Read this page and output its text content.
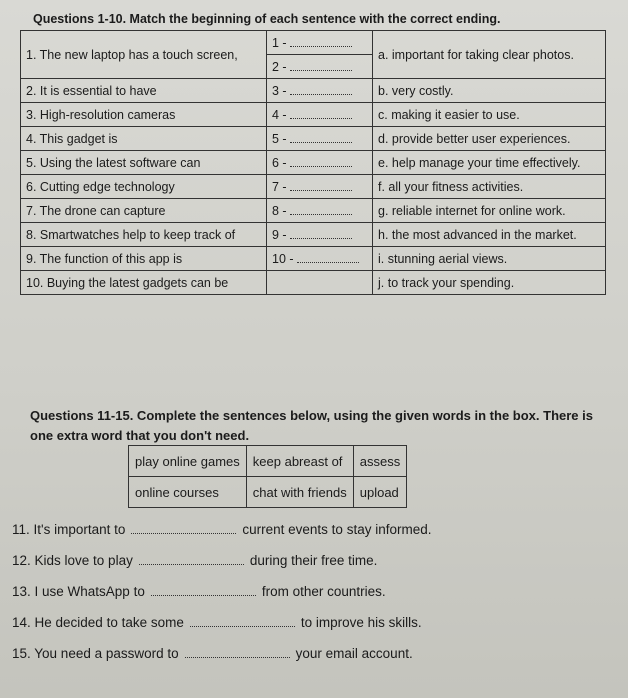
Questions 1-10. Match the beginning of each sentence with the correct ending.
1. The new laptop has a touch screen,	1 -	a. important for taking clear photos.
	2 -	
2. It is essential to have	3 -	b. very costly.
3. High-resolution cameras	4 -	c. making it easier to use.
4. This gadget is	5 -	d. provide better user experiences.
5. Using the latest software can	6 -	e. help manage your time effectively.
6. Cutting edge technology	7 -	f. all your fitness activities.
7. The drone can capture	8 -	g. reliable internet for online work.
8. Smartwatches help to keep track of	9 -	h. the most advanced in the market.
9. The function of this app is	10 -	i. stunning aerial views.
10. Buying the latest gadgets can be		j. to track your spending.
Questions 11-15. Complete the sentences below, using the given words in the box. There is
one extra word that you don't need.
play online games	keep abreast of	assess
online courses	chat with friends	upload
11. It's important to	current events to stay informed.
12. Kids love to play	during their free time.
13. I use WhatsApp to	from other countries.
14. He decided to take some	to improve his skills.
15. You need a password to	your email account.
